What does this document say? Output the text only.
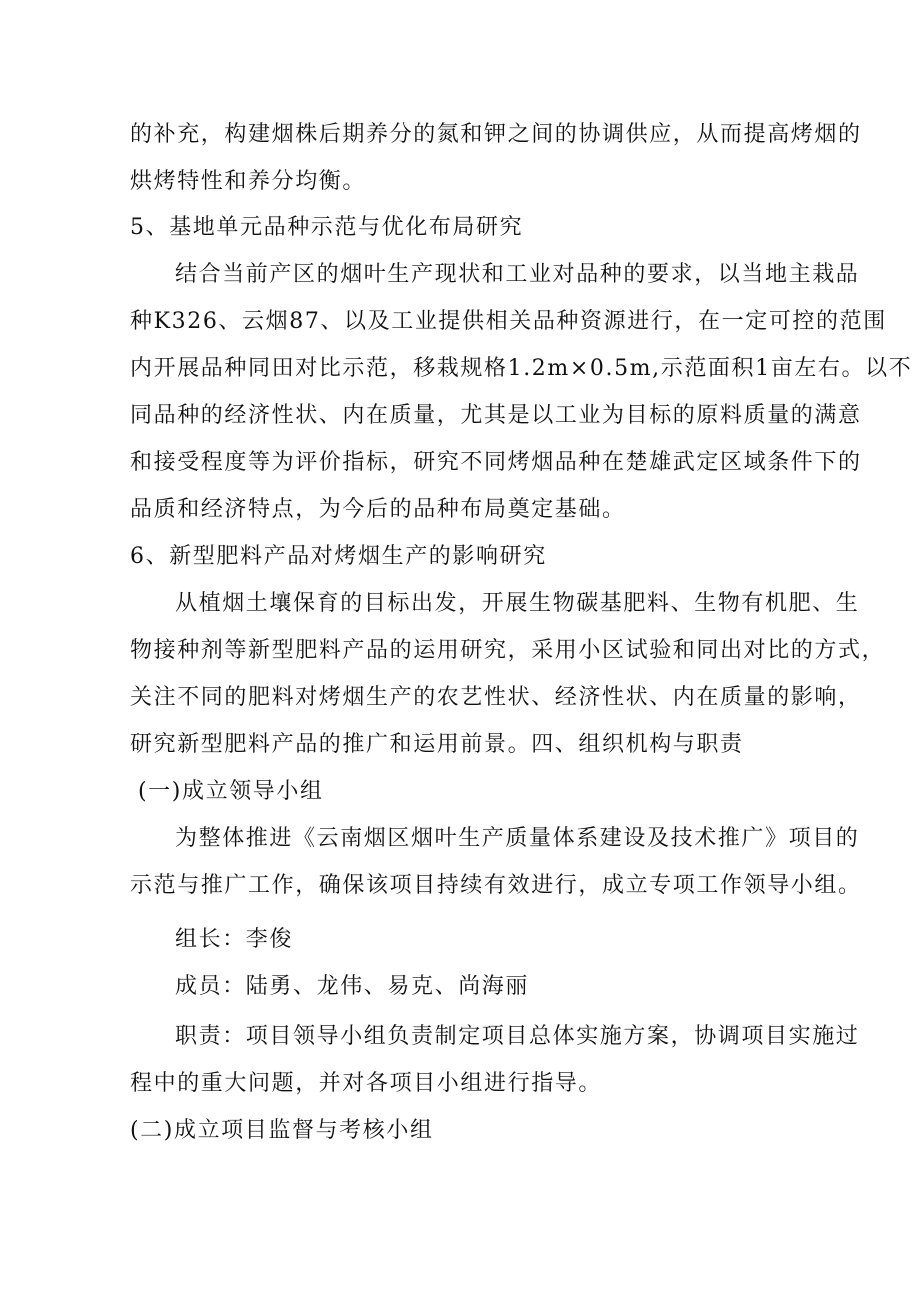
的补充，构建烟株后期养分的氮和钾之间的协调供应，从而提高烤烟的
烘烤特性和养分均衡。
5、基地单元品种示范与优化布局研究
结合当前产区的烟叶生产现状和工业对品种的要求，以当地主栽品
种K326、云烟87、以及工业提供相关品种资源进行，在一定可控的范围
内开展品种同田对比示范，移栽规格1.2m×0.5m,示范面积1亩左右。以不
同品种的经济性状、内在质量，尤其是以工业为目标的原料质量的满意
和接受程度等为评价指标，研究不同烤烟品种在楚雄武定区域条件下的
品质和经济特点，为今后的品种布局奠定基础。
6、新型肥料产品对烤烟生产的影响研究
从植烟土壤保育的目标出发，开展生物碳基肥料、生物有机肥、生
物接种剂等新型肥料产品的运用研究，采用小区试验和同出对比的方式，
关注不同的肥料对烤烟生产的农艺性状、经济性状、内在质量的影响，
研究新型肥料产品的推广和运用前景。四、组织机构与职责
(一)成立领导小组
为整体推进《云南烟区烟叶生产质量体系建设及技术推广》项目的
示范与推广工作，确保该项目持续有效进行，成立专项工作领导小组。
组长：李俊
成员：陆勇、龙伟、易克、尚海丽
职责：项目领导小组负责制定项目总体实施方案，协调项目实施过
程中的重大问题，并对各项目小组进行指导。
(二)成立项目监督与考核小组
